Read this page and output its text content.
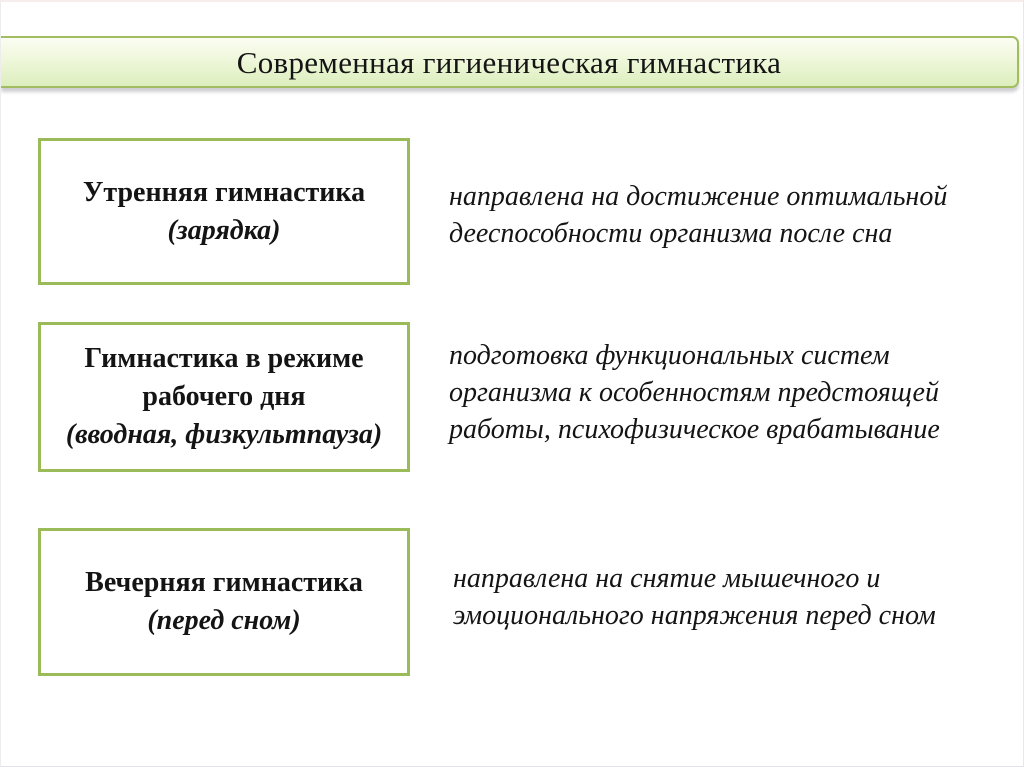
Современная гигиеническая гимнастика
Утренняя гимнастика
(зарядка)
направлена на достижение оптимальной
дееспособности организма после сна
Гимнастика в режиме
рабочего дня
(вводная, физкультпауза)
подготовка функциональных систем
организма к особенностям предстоящей
работы, психофизическое врабатывание
Вечерняя гимнастика
(перед сном)
направлена на снятие мышечного и
эмоционального напряжения перед сном
